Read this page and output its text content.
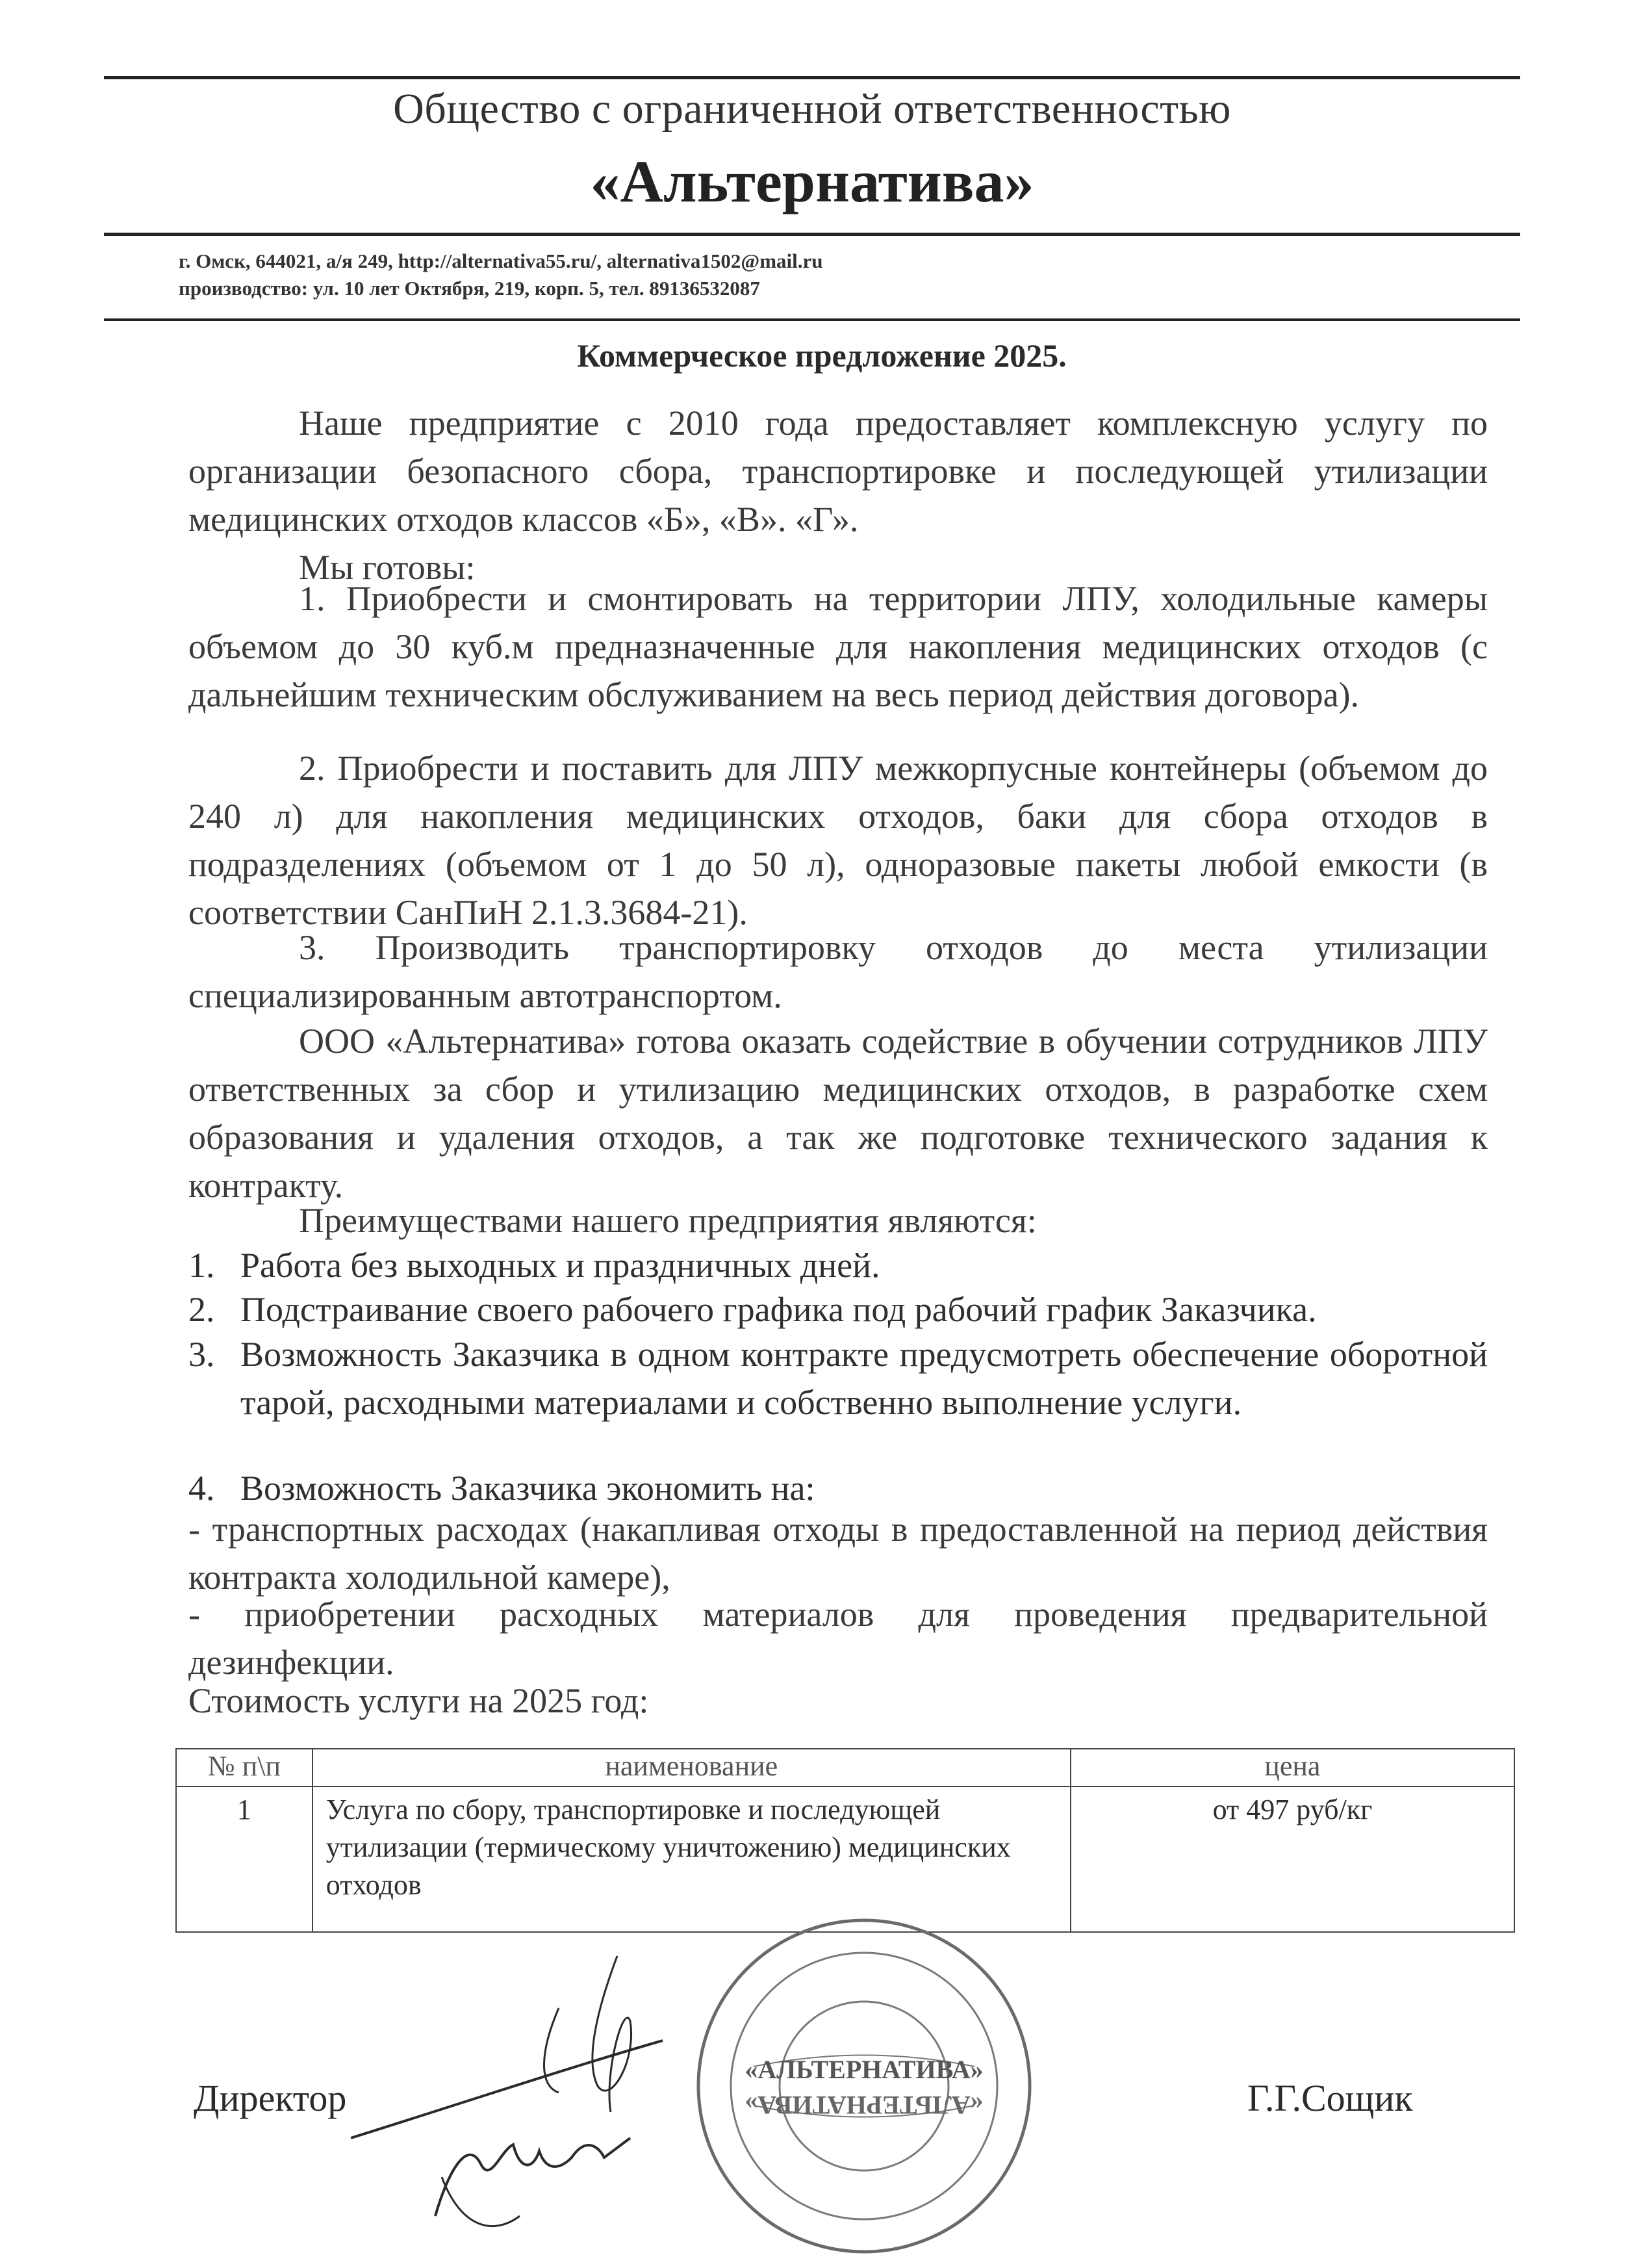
Общество с ограниченной ответственностью
«Альтернатива»
г. Омск, 644021, а/я 249, http://alternativa55.ru/, alternativa1502@mail.ru
производство: ул. 10 лет Октября, 219, корп. 5, тел. 89136532087
Коммерческое предложение 2025.
Наше предприятие с 2010 года предоставляет комплексную услугу по организации безопасного сбора, транспортировке и последующей утилизации медицинских отходов классов «Б», «В». «Г».
Мы готовы:
1. Приобрести и смонтировать на территории ЛПУ, холодильные камеры объемом до 30 куб.м предназначенные для накопления медицинских отходов (с дальнейшим техническим обслуживанием на весь период действия договора).
2. Приобрести и поставить для ЛПУ межкорпусные контейнеры (объемом до 240 л) для накопления медицинских отходов, баки для сбора отходов в подразделениях (объемом от 1 до 50 л), одноразовые пакеты любой емкости (в соответствии СанПиН 2.1.3.3684-21).
3. Производить транспортировку отходов до места утилизации специализированным автотранспортом.
ООО «Альтернатива» готова оказать содействие в обучении сотрудников ЛПУ ответственных за сбор и утилизацию медицинских отходов, в разработке схем образования и удаления отходов, а так же подготовке технического задания к контракту.
Преимуществами нашего предприятия являются:
1. Работа без выходных и праздничных дней.
2. Подстраивание своего рабочего графика под рабочий график Заказчика.
3. Возможность Заказчика в одном контракте предусмотреть обеспечение оборотной тарой, расходными материалами и собственно выполнение услуги.
4. Возможность Заказчика экономить на:
- транспортных расходах (накапливая отходы в предоставленной на период действия контракта холодильной камере),
- приобретении расходных материалов для проведения предварительной дезинфекции.
Стоимость услуги на 2025 год:
№ п\п	наименование	цена
1	Услуга по сбору, транспортировке и последующей утилизации (термическому уничтожению) медицинских отходов	от 497 руб/кг
Директор	Г.Г.Сощик
«АЛЬТЕРНАТИВА»
«АЛЬТЕРНАТИВА»
